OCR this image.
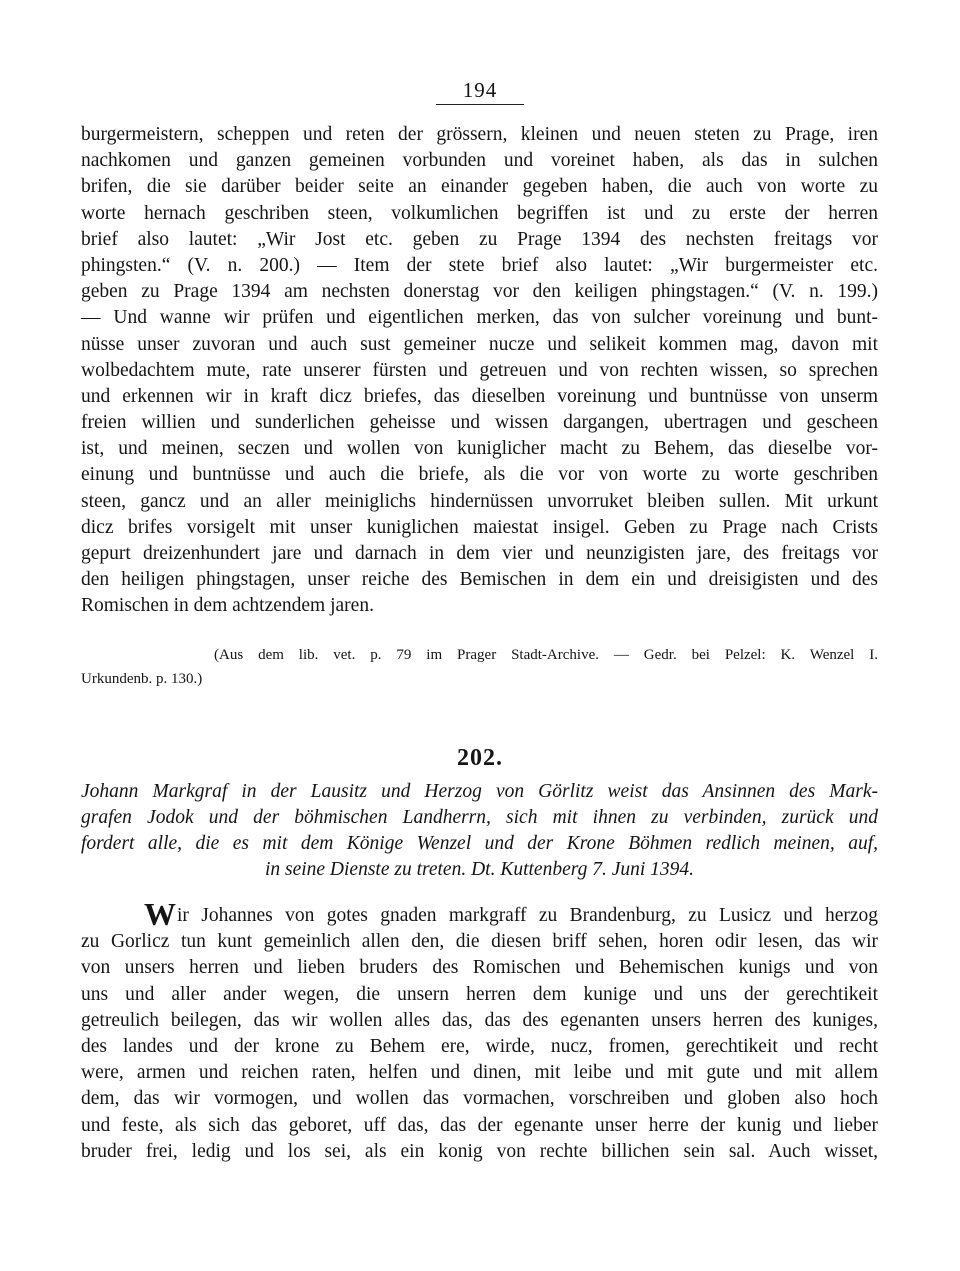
194
burgermeistern, scheppen und reten der grössern, kleinen und neuen steten zu Prage, iren
nachkomen und ganzen gemeinen vorbunden und voreinet haben, als das in sulchen
brifen, die sie darüber beider seite an einander gegeben haben, die auch von worte zu
worte hernach geschriben steen, volkumlichen begriffen ist und zu erste der herren
brief also lautet: „Wir Jost etc. geben zu Prage 1394 des nechsten freitags vor
phingsten.“ (V. n. 200.) — Item der stete brief also lautet: „Wir burgermeister etc.
geben zu Prage 1394 am nechsten donerstag vor den keiligen phingstagen.“ (V. n. 199.)
— Und wanne wir prüfen und eigentlichen merken, das von sulcher voreinung und bunt-
nüsse unser zuvoran und auch sust gemeiner nucze und selikeit kommen mag, davon mit
wolbedachtem mute, rate unserer fürsten und getreuen und von rechten wissen, so sprechen
und erkennen wir in kraft dicz briefes, das dieselben voreinung und buntnüsse von unserm
freien willien und sunderlichen geheisse und wissen dargangen, ubertragen und gescheen
ist, und meinen, seczen und wollen von kuniglicher macht zu Behem, das dieselbe vor-
einung und buntnüsse und auch die briefe, als die vor von worte zu worte geschriben
steen, gancz und an aller meiniglichs hindernüssen unvorruket bleiben sullen. Mit urkunt
dicz brifes vorsigelt mit unser kuniglichen maiestat insigel. Geben zu Prage nach Crists
gepurt dreizenhundert jare und darnach in dem vier und neunzigisten jare, des freitags vor
den heiligen phingstagen, unser reiche des Bemischen in dem ein und dreisigisten und des
Romischen in dem achtzendem jaren.
(Aus dem lib. vet. p. 79 im Prager Stadt-Archive. — Gedr. bei Pelzel: K. Wenzel I.
Urkundenb. p. 130.)
202.
Johann Markgraf in der Lausitz und Herzog von Görlitz weist das Ansinnen des Mark-
grafen Jodok und der böhmischen Landherrn, sich mit ihnen zu verbinden, zurück und
fordert alle, die es mit dem Könige Wenzel und der Krone Böhmen redlich meinen, auf,
in seine Dienste zu treten. Dt. Kuttenberg 7. Juni 1394.
Wir Johannes von gotes gnaden markgraff zu Brandenburg, zu Lusicz und herzog
zu Gorlicz tun kunt gemeinlich allen den, die diesen briff sehen, horen odir lesen, das wir
von unsers herren und lieben bruders des Romischen und Behemischen kunigs und von
uns und aller ander wegen, die unsern herren dem kunige und uns der gerechtikeit
getreulich beilegen, das wir wollen alles das, das des egenanten unsers herren des kuniges,
des landes und der krone zu Behem ere, wirde, nucz, fromen, gerechtikeit und recht
were, armen und reichen raten, helfen und dinen, mit leibe und mit gute und mit allem
dem, das wir vormogen, und wollen das vormachen, vorschreiben und globen also hoch
und feste, als sich das geboret, uff das, das der egenante unser herre der kunig und lieber
bruder frei, ledig und los sei, als ein konig von rechte billichen sein sal. Auch wisset,
